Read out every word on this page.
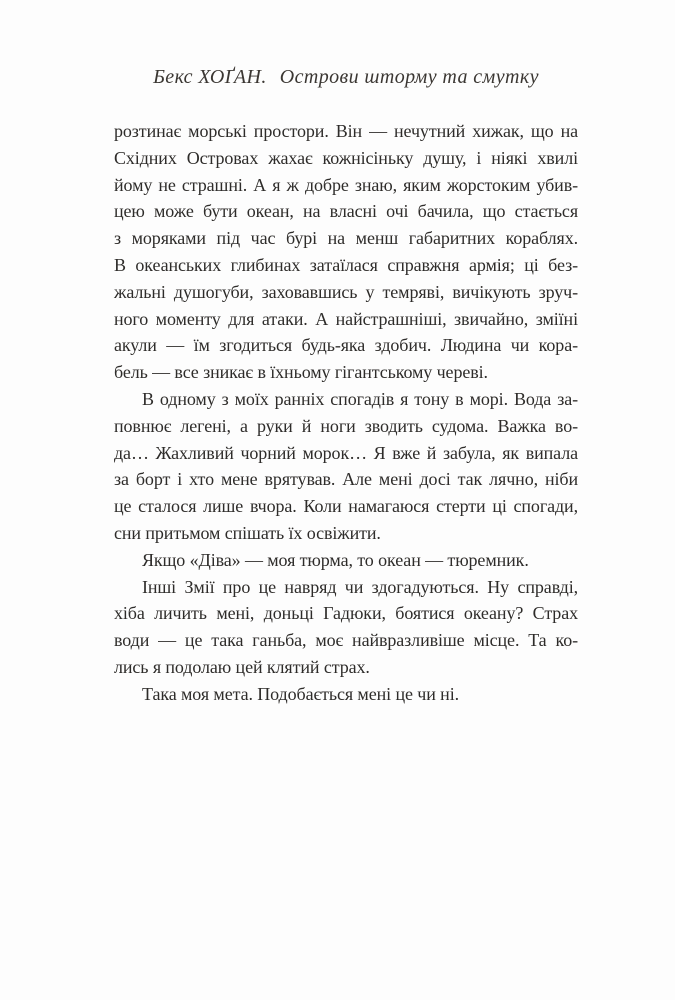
Бекс ХОҐАН. Острови шторму та смутку
розтинає морські простори. Він — нечутний хижак, що на
Східних Островах жахає кожнісіньку душу, і ніякі хвилі
йому не страшні. А я ж добре знаю, яким жорстоким убив-
цею може бути океан, на власні очі бачила, що стається
з моряками під час бурі на менш габаритних кораблях.
В океанських глибинах затаїлася справжня армія; ці без-
жальні душогуби, заховавшись у темряві, вичікують зруч-
ного моменту для атаки. А найстрашніші, звичайно, зміїні
акули — їм згодиться будь-яка здобич. Людина чи кора-
бель — все зникає в їхньому гігантському череві.
В одному з моїх ранніх спогадів я тону в морі. Вода за-
повнює легені, а руки й ноги зводить судома. Важка во-
да… Жахливий чорний морок… Я вже й забула, як випала
за борт і хто мене врятував. Але мені досі так лячно, ніби
це сталося лише вчора. Коли намагаюся стерти ці спогади,
сни притьмом спішать їх освіжити.
Якщо «Діва» — моя тюрма, то океан — тюремник.
Інші Змії про це навряд чи здогадуються. Ну справді,
хіба личить мені, доньці Гадюки, боятися океану? Страх
води — це така ганьба, моє найвразливіше місце. Та ко-
лись я подолаю цей клятий страх.
Така моя мета. Подобається мені це чи ні.
